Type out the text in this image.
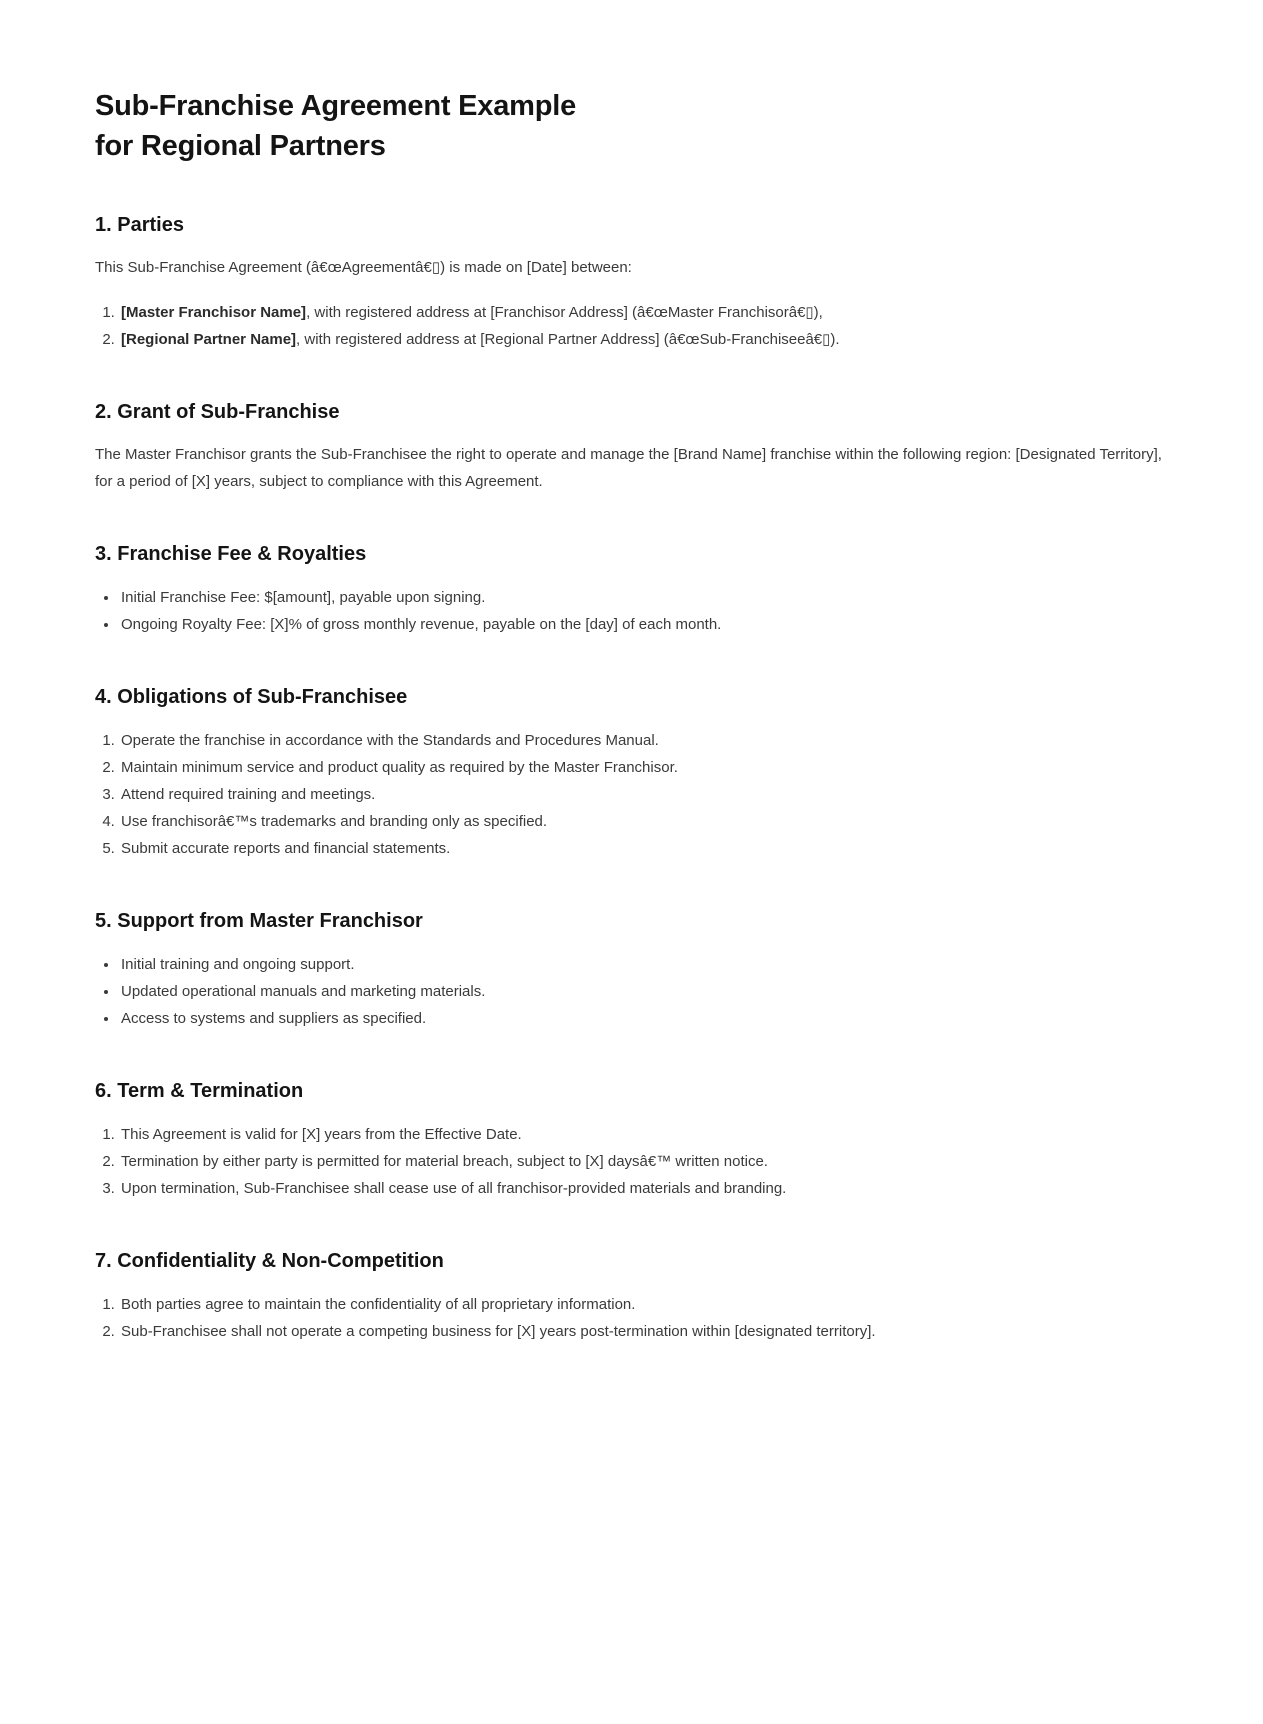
Sub-Franchise Agreement Example
for Regional Partners
1. Parties

This Sub-Franchise Agreement (â€œAgreementâ€▯) is made on [Date] between:

1. [Master Franchisor Name], with registered address at [Franchisor Address] (â€œMaster Franchisorâ€▯),
2. [Regional Partner Name], with registered address at [Regional Partner Address] (â€œSub-Franchiseeâ€▯).
2. Grant of Sub-Franchise

The Master Franchisor grants the Sub-Franchisee the right to operate and manage the [Brand Name] franchise within the following region: [Designated Territory], for a period of [X] years, subject to compliance with this Agreement.

3. Franchise Fee & Royalties
• Initial Franchise Fee: $[amount], payable upon signing.
• Ongoing Royalty Fee: [X]% of gross monthly revenue, payable on the [day] of each month.
4. Obligations of Sub-Franchisee
1. Operate the franchise in accordance with the Standards and Procedures Manual.
2. Maintain minimum service and product quality as required by the Master Franchisor.
3. Attend required training and meetings.
4. Use franchisorâ€™s trademarks and branding only as specified.
5. Submit accurate reports and financial statements.
5. Support from Master Franchisor
• Initial training and ongoing support.
• Updated operational manuals and marketing materials.
• Access to systems and suppliers as specified.
6. Term & Termination
1. This Agreement is valid for [X] years from the Effective Date.
2. Termination by either party is permitted for material breach, subject to [X] daysâ€™ written notice.
3. Upon termination, Sub-Franchisee shall cease use of all franchisor-provided materials and branding.
7. Confidentiality & Non-Competition
1. Both parties agree to maintain the confidentiality of all proprietary information.
2. Sub-Franchisee shall not operate a competing business for [X] years post-termination within [designated territory].
